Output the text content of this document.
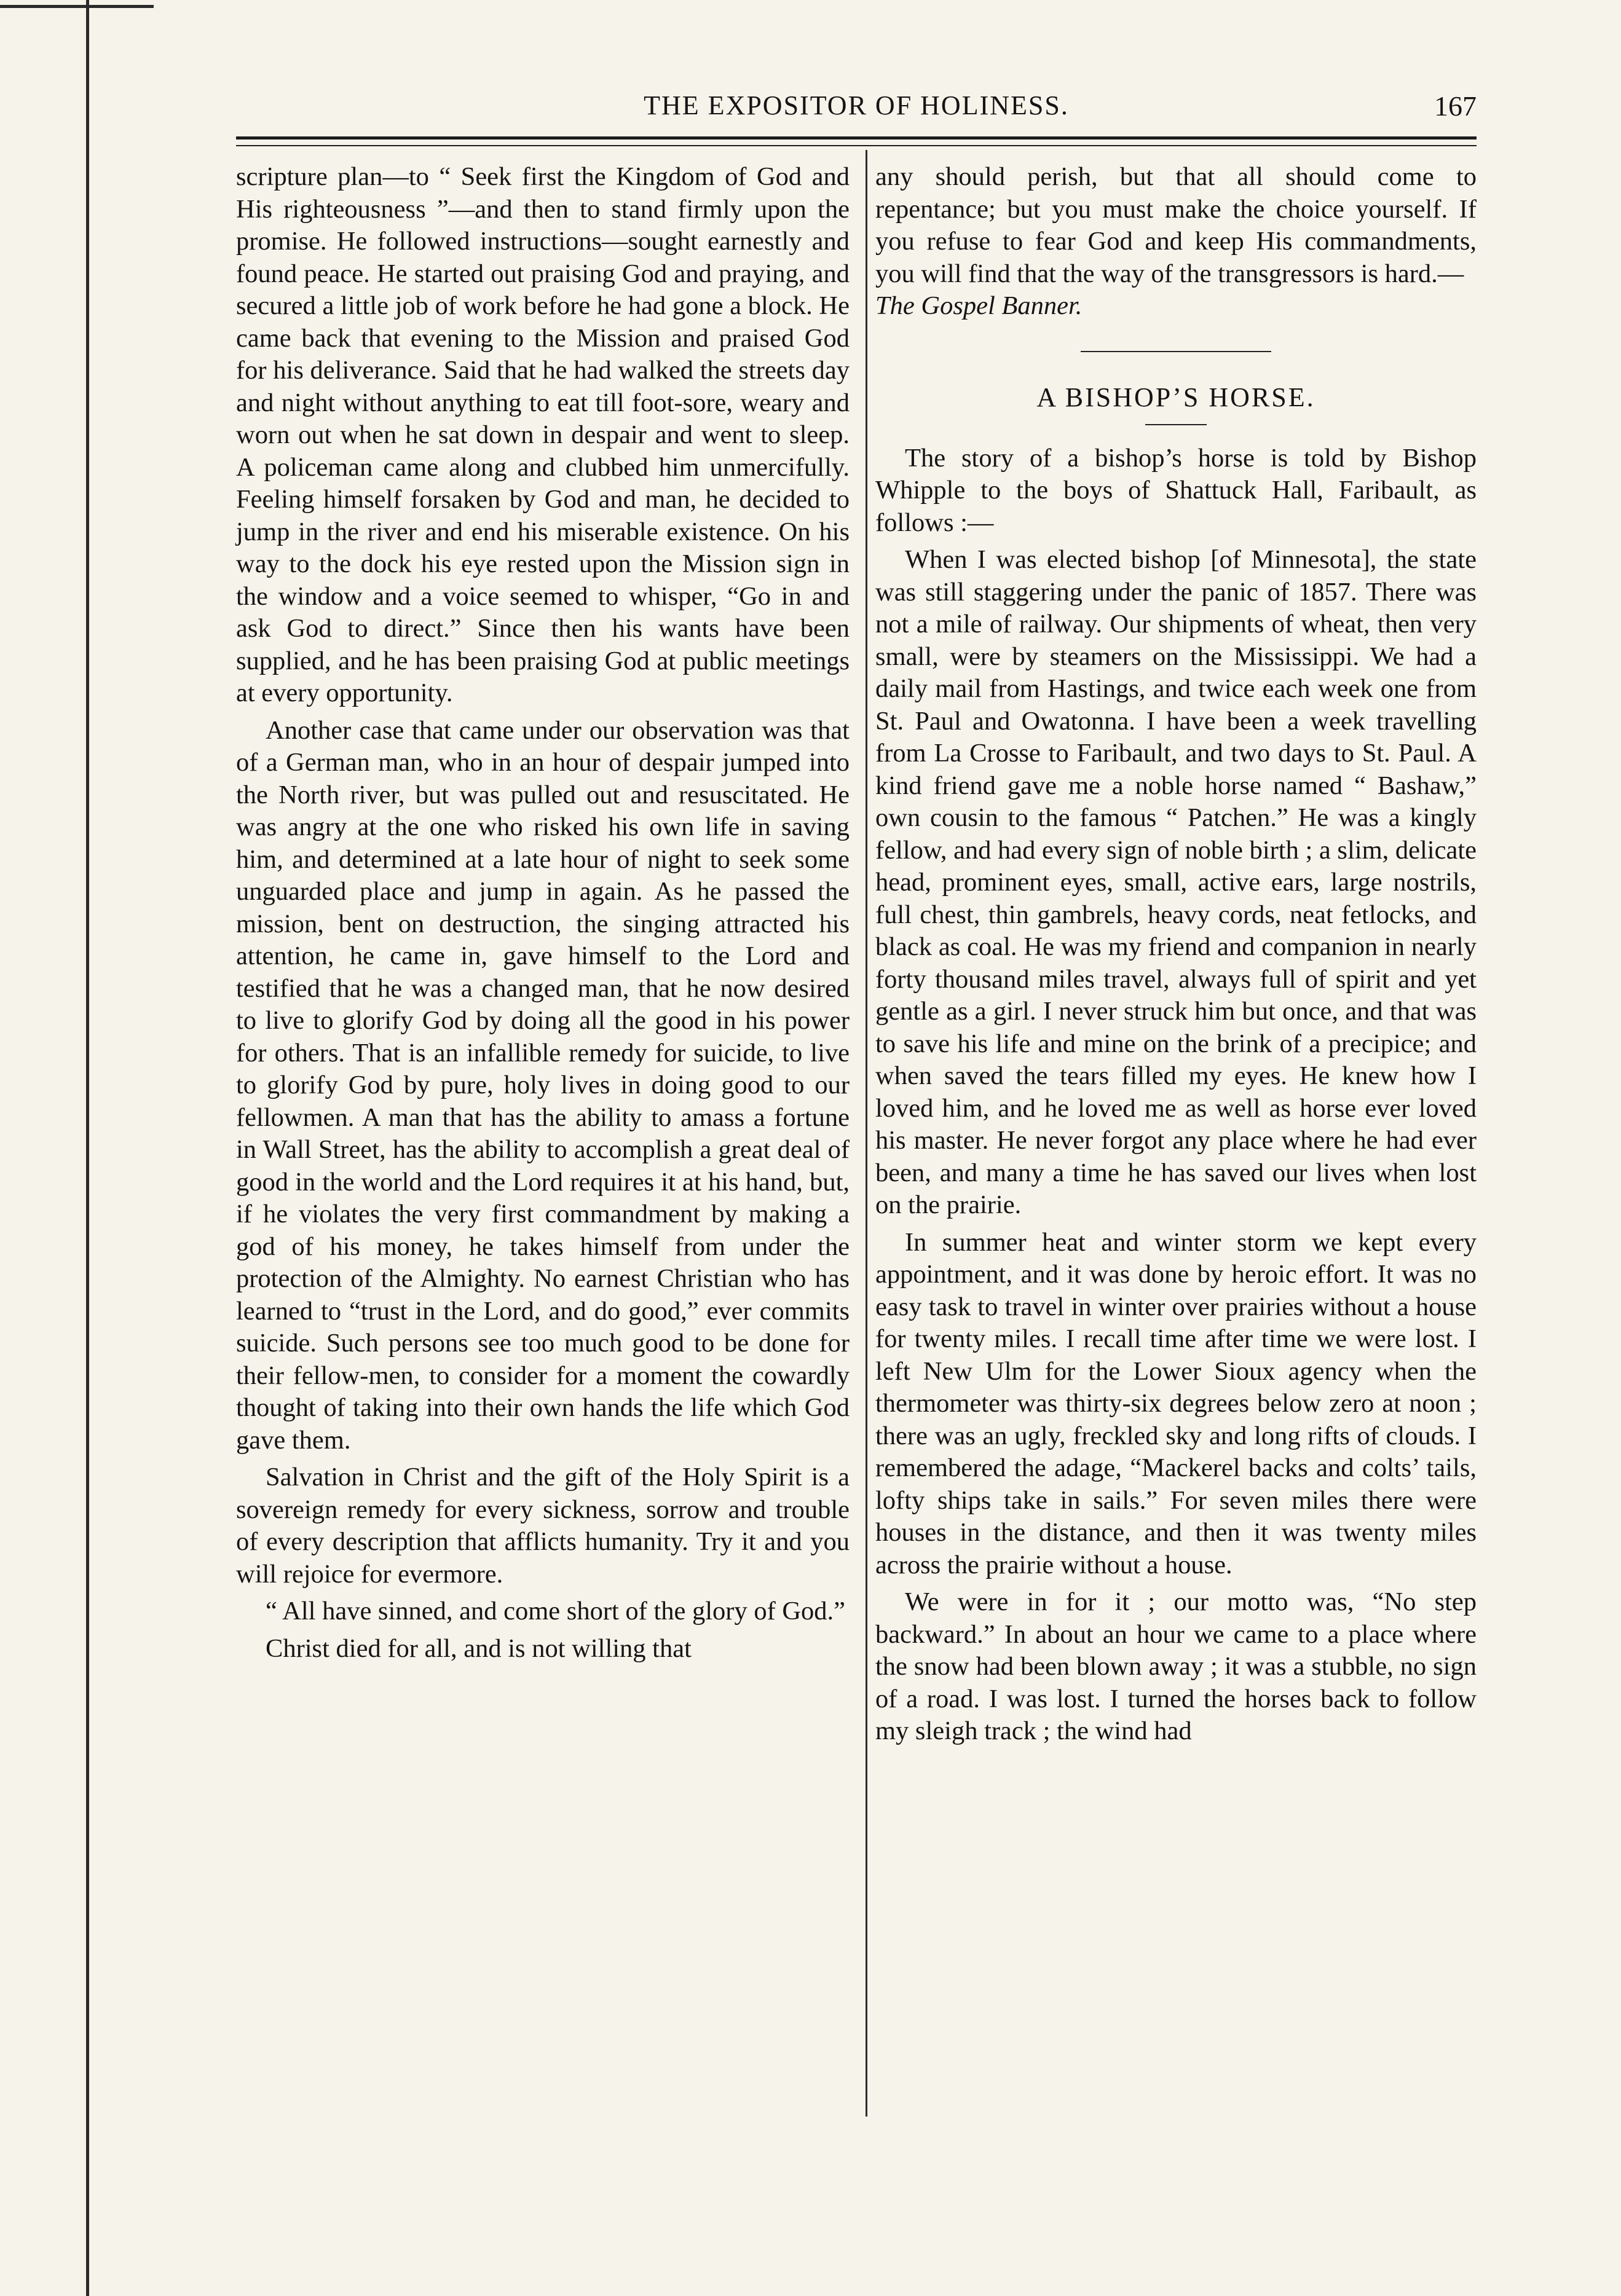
THE EXPOSITOR OF HOLINESS.	167

scripture plan—to “ Seek first the Kingdom of God and His righteousness ”—and then to stand firmly upon the promise. He followed instructions—sought earnestly and found peace. He started out praising God and praying, and secured a little job of work before he had gone a block. He came back that evening to the Mission and praised God for his deliverance. Said that he had walked the streets day and night without anything to eat till foot-sore, weary and worn out when he sat down in despair and went to sleep. A policeman came along and clubbed him unmercifully. Feeling himself forsaken by God and man, he decided to jump in the river and end his miserable existence. On his way to the dock his eye rested upon the Mission sign in the window and a voice seemed to whisper, “Go in and ask God to direct.” Since then his wants have been supplied, and he has been praising God at public meetings at every opportunity.

Another case that came under our observation was that of a German man, who in an hour of despair jumped into the North river, but was pulled out and resuscitated. He was angry at the one who risked his own life in saving him, and determined at a late hour of night to seek some unguarded place and jump in again. As he passed the mission, bent on destruction, the singing attracted his attention, he came in, gave himself to the Lord and testified that he was a changed man, that he now desired to live to glorify God by doing all the good in his power for others. That is an infallible remedy for suicide, to live to glorify God by pure, holy lives in doing good to our fellowmen. A man that has the ability to amass a fortune in Wall Street, has the ability to accomplish a great deal of good in the world and the Lord requires it at his hand, but, if he violates the very first commandment by making a god of his money, he takes himself from under the protection of the Almighty. No earnest Christian who has learned to “trust in the Lord, and do good,” ever commits suicide. Such persons see too much good to be done for their fellow-men, to consider for a moment the cowardly thought of taking into their own hands the life which God gave them.

Salvation in Christ and the gift of the Holy Spirit is a sovereign remedy for every sickness, sorrow and trouble of every description that afflicts humanity. Try it and you will rejoice for evermore.

“ All have sinned, and come short of the glory of God.”

Christ died for all, and is not willing that

any should perish, but that all should come to repentance; but you must make the choice yourself. If you refuse to fear God and keep His commandments, you will find that the way of the transgressors is hard.—
The Gospel Banner.

A BISHOP’S HORSE.

The story of a bishop’s horse is told by Bishop Whipple to the boys of Shattuck Hall, Faribault, as follows :—

When I was elected bishop [of Minnesota], the state was still staggering under the panic of 1857. There was not a mile of railway. Our shipments of wheat, then very small, were by steamers on the Mississippi. We had a daily mail from Hastings, and twice each week one from St. Paul and Owatonna. I have been a week travelling from La Crosse to Faribault, and two days to St. Paul. A kind friend gave me a noble horse named “ Bashaw,” own cousin to the famous “ Patchen.” He was a kingly fellow, and had every sign of noble birth ; a slim, delicate head, prominent eyes, small, active ears, large nostrils, full chest, thin gambrels, heavy cords, neat fetlocks, and black as coal. He was my friend and companion in nearly forty thousand miles travel, always full of spirit and yet gentle as a girl. I never struck him but once, and that was to save his life and mine on the brink of a precipice; and when saved the tears filled my eyes. He knew how I loved him, and he loved me as well as horse ever loved his master. He never forgot any place where he had ever been, and many a time he has saved our lives when lost on the prairie.

In summer heat and winter storm we kept every appointment, and it was done by heroic effort. It was no easy task to travel in winter over prairies without a house for twenty miles. I recall time after time we were lost. I left New Ulm for the Lower Sioux agency when the thermometer was thirty-six degrees below zero at noon ; there was an ugly, freckled sky and long rifts of clouds. I remembered the adage, “Mackerel backs and colts’ tails, lofty ships take in sails.” For seven miles there were houses in the distance, and then it was twenty miles across the prairie without a house.

We were in for it ; our motto was, “No step backward.” In about an hour we came to a place where the snow had been blown away ; it was a stubble, no sign of a road. I was lost. I turned the horses back to follow my sleigh track ; the wind had
